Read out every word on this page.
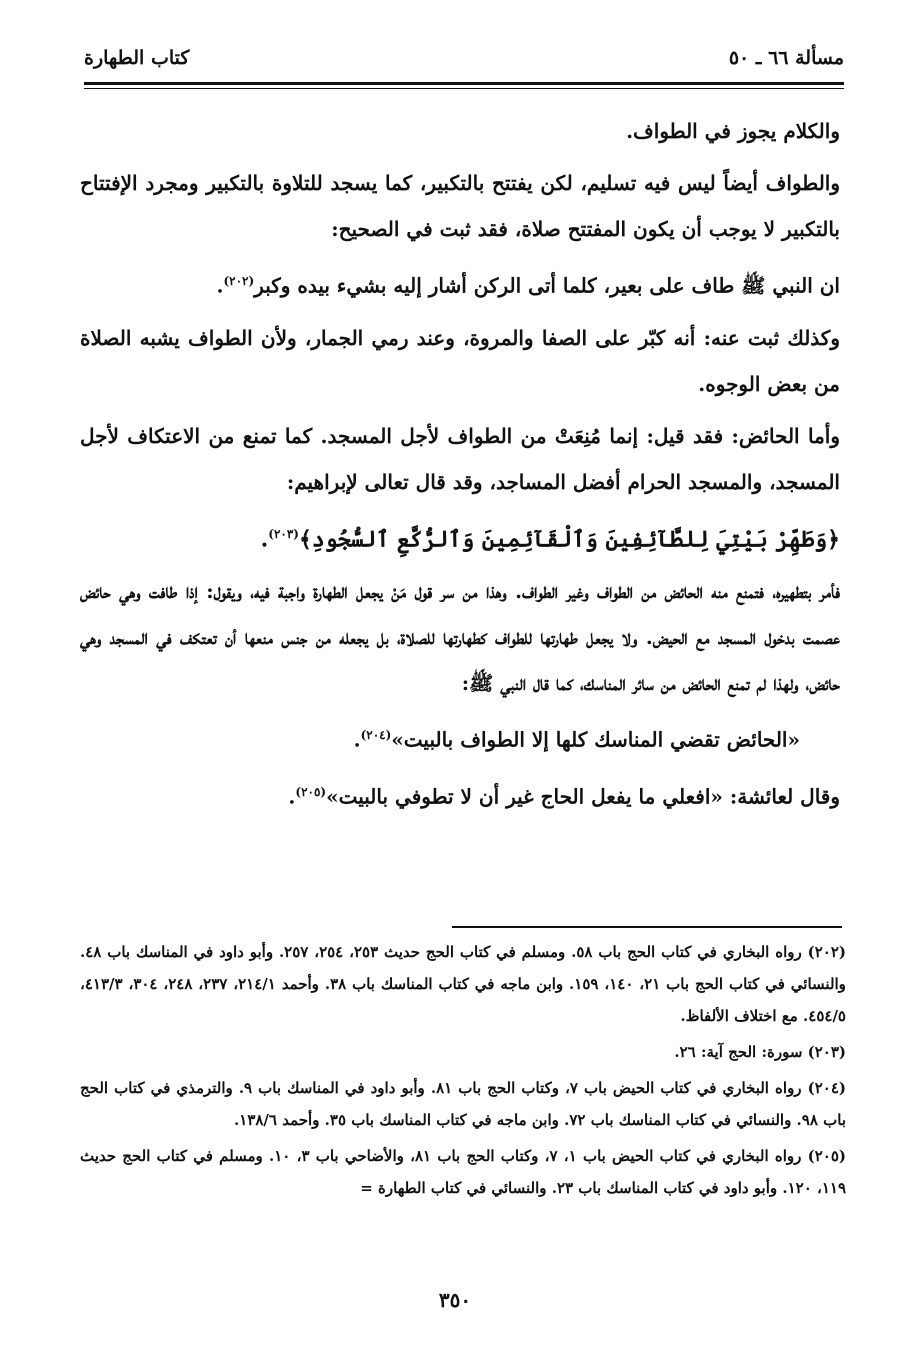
مسألة ٦٦ ـ ٥٠
كتاب الطهارة

والكلام يجوز في الطواف.

والطواف أيضاً ليس فيه تسليم، لكن يفتتح بالتكبير، كما يسجد للتلاوة بالتكبير ومجرد الإفتتاح بالتكبير لا يوجب أن يكون المفتتح صلاة، فقد ثبت في الصحيح:

ان النبي ﷺ طاف على بعير، كلما أتى الركن أشار إليه بشيء بيده وكبر$^{(٢٠٢)}$.

وكذلك ثبت عنه: أنه كبّر على الصفا والمروة، وعند رمي الجمار، ولأن الطواف يشبه الصلاة من بعض الوجوه.

وأما الحائض: فقد قيل: إنما مُنِعَتْ من الطواف لأجل المسجد. كما تمنع من الاعتكاف لأجل المسجد، والمسجد الحرام أفضل المساجد، وقد قال تعالى لإبراهيم:

﴿وَطَهِّرْ بَيْتِيَ لِلطَّآئِفِينَ وَٱلْقَآئِمِينَ وَٱلرُّكَّعِ ٱلسُّجُودِ﴾$^{(٢٠٣)}$.

فأمر بتطهيره، فتمنع منه الحائض من الطواف وغير الطواف. وهذا من سر قول مَنْ يجعل الطهارة واجبة فيه، ويقول: إذا طافت وهي حائض عصمت بدخول المسجد مع الحيض. ولا يجعل طهارتها للطواف كطهارتها للصلاة، بل يجعله من جنس منعها أن تعتكف في المسجد وهي حائض، ولهذا لم تمنع الحائض من سائر المناسك، كما قال النبي ﷺ:

«الحائض تقضي المناسك كلها إلا الطواف بالبيت»$^{(٢٠٤)}$.

وقال لعائشة: «افعلي ما يفعل الحاج غير أن لا تطوفي بالبيت»$^{(٢٠٥)}$.

(٢٠٢) رواه البخاري في كتاب الحج باب ٥٨. ومسلم في كتاب الحج حديث ٢٥٣، ٢٥٤، ٢٥٧. وأبو داود في المناسك باب ٤٨. والنسائي في كتاب الحج باب ٢١، ١٤٠، ١٥٩. وابن ماجه في كتاب المناسك باب ٣٨. وأحمد ٢١٤/١، ٢٣٧، ٢٤٨، ٣٠٤، ٤١٣/٣، ٤٥٤/٥. مع اختلاف الألفاظ.

(٢٠٣) سورة: الحج آية: ٢٦.

(٢٠٤) رواه البخاري في كتاب الحيض باب ٧، وكتاب الحج باب ٨١. وأبو داود في المناسك باب ٩. والترمذي في كتاب الحج باب ٩٨. والنسائي في كتاب المناسك باب ٧٢. وابن ماجه في كتاب المناسك باب ٣٥. وأحمد ١٣٨/٦.

(٢٠٥) رواه البخاري في كتاب الحيض باب ١، ٧، وكتاب الحج باب ٨١، والأضاحي باب ٣، ١٠. ومسلم في كتاب الحج حديث ١١٩، ١٢٠. وأبو داود في كتاب المناسك باب ٢٣. والنسائي في كتاب الطهارة =

٣٥٠
